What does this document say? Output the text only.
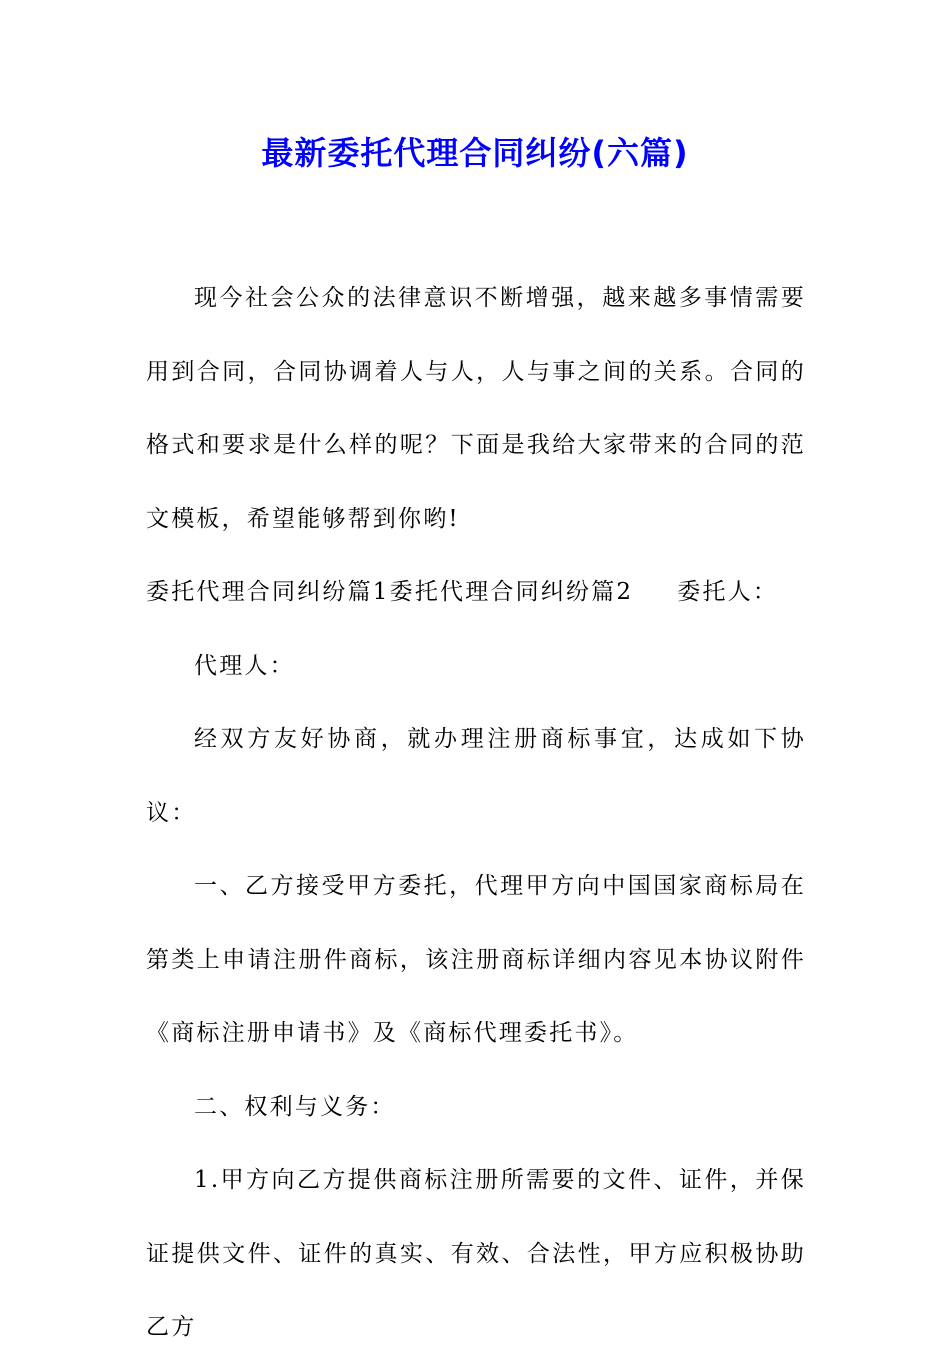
最新委托代理合同纠纷(六篇)

现今社会公众的法律意识不断增强，越来越多事情需要用到合同，合同协调着人与人，人与事之间的关系。合同的格式和要求是什么样的呢？下面是我给大家带来的合同的范文模板，希望能够帮到你哟!

委托代理合同纠纷篇1委托代理合同纠纷篇2 委托人：

代理人：

经双方友好协商，就办理注册商标事宜，达成如下协议：

一、乙方接受甲方委托，代理甲方向中国国家商标局在第类上申请注册件商标，该注册商标详细内容见本协议附件《商标注册申请书》及《商标代理委托书》。

二、权利与义务：

1.甲方向乙方提供商标注册所需要的文件、证件，并保证提供文件、证件的真实、有效、合法性，甲方应积极协助乙方
